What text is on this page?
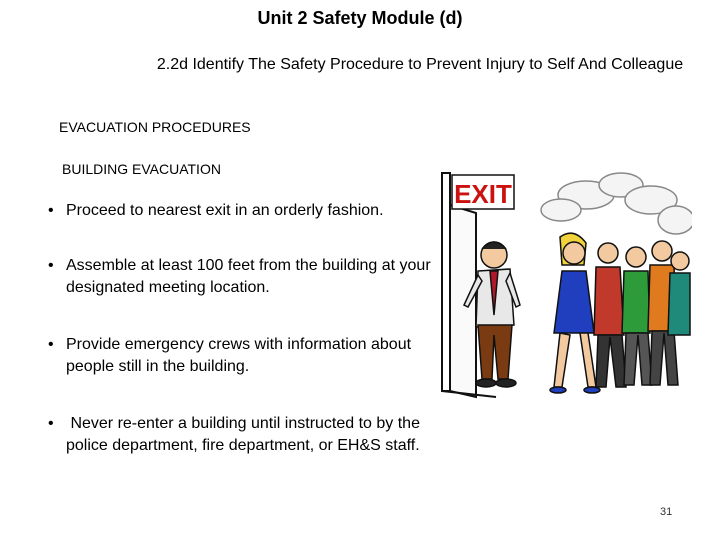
Unit 2 Safety Module (d)
2.2d Identify The Safety Procedure to Prevent Injury to Self And Colleague
EVACUATION PROCEDURES
BUILDING EVACUATION
• Proceed to nearest exit in an orderly fashion.
• Assemble at least 100 feet from the building at your designated meeting location.
• Provide emergency crews with information about people still in the building.
• Never re-enter a building until instructed to by the police department, fire department, or EH&S staff.
EXIT
31
